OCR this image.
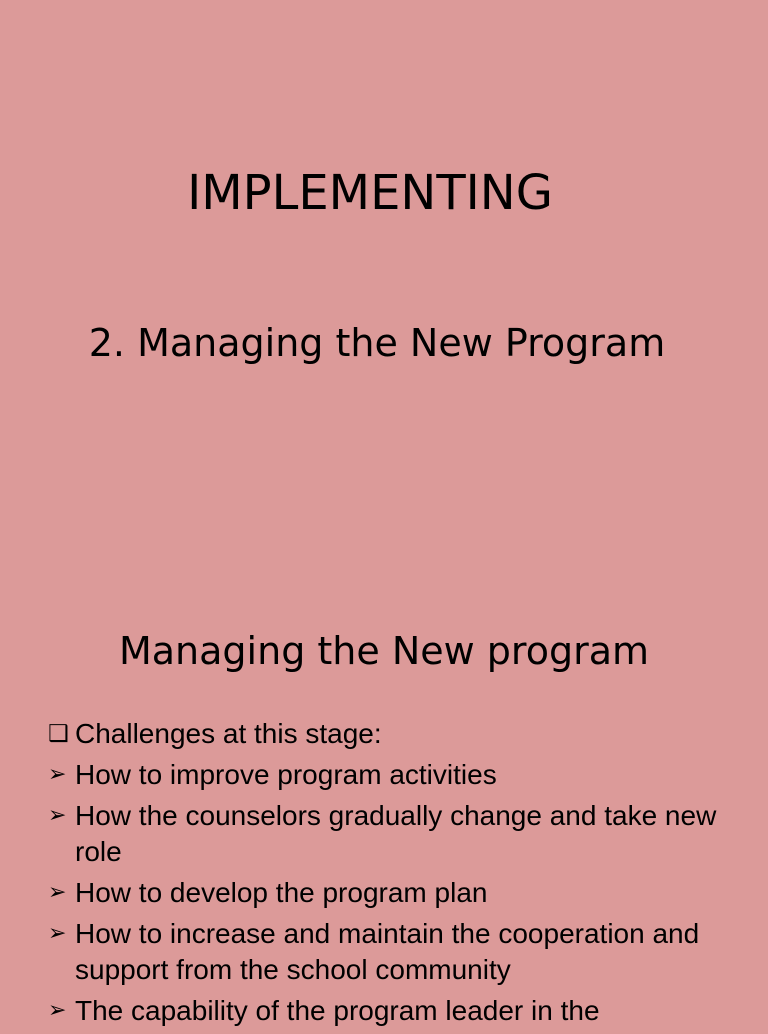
IMPLEMENTING
2. Managing the New Program
Managing the New program
❑ Challenges at this stage:
➢ How to improve program activities
➢ How the counselors gradually change and take new role
➢ How to develop the program plan
➢ How to increase and maintain the cooperation and support from the school community
➢ The capability of the program leader in the
